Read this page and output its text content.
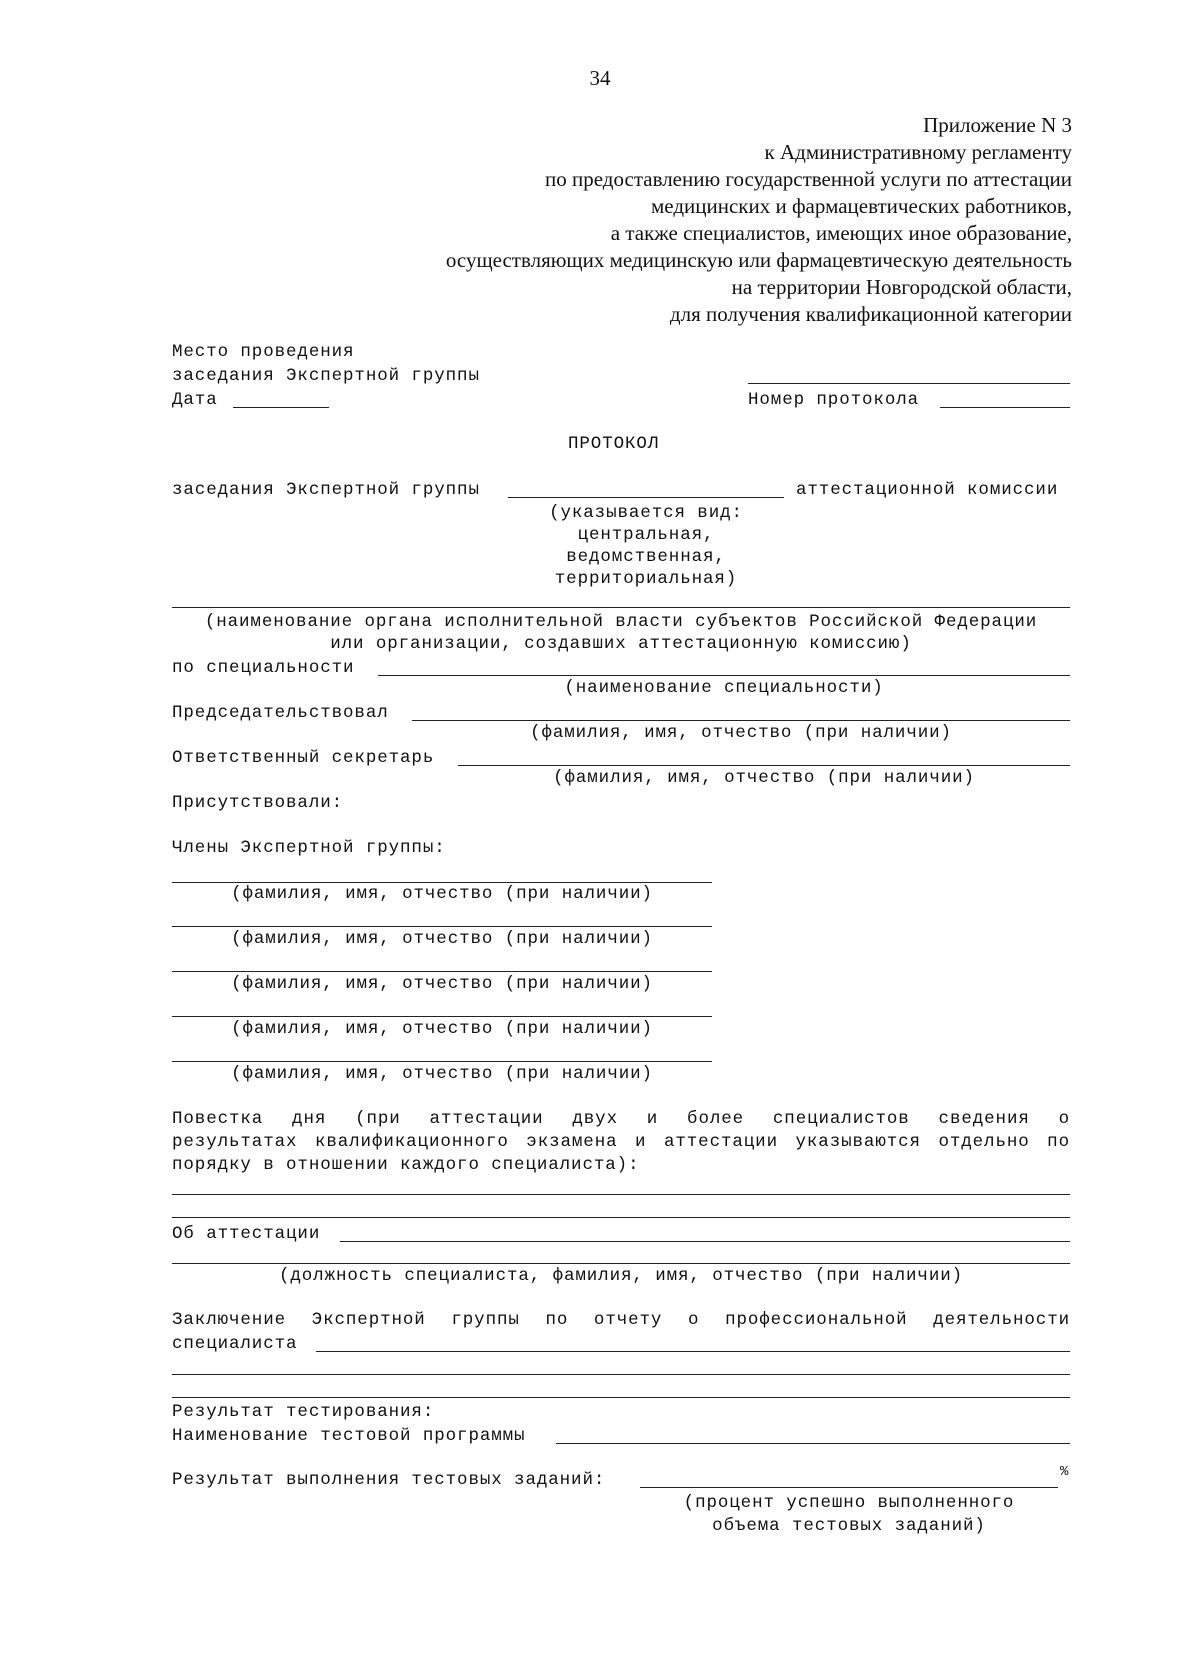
34
Приложение N 3
к Административному регламенту
по предоставлению государственной услуги по аттестации
медицинских и фармацевтических работников,
а также специалистов, имеющих иное образование,
осуществляющих медицинскую или фармацевтическую деятельность
на территории Новгородской области,
для получения квалификационной категории
Место проведения
заседания Экспертной группы
Дата	Номер протокола
ПРОТОКОЛ
заседания Экспертной группы	аттестационной комиссии
(указывается вид:
центральная,
ведомственная,
территориальная)
(наименование органа исполнительной власти субъектов Российской Федерации
или организации, создавших аттестационную комиссию)
по специальности
(наименование специальности)
Председательствовал
(фамилия, имя, отчество (при наличии)
Ответственный секретарь
(фамилия, имя, отчество (при наличии)
Присутствовали:
Члены Экспертной группы:
(фамилия, имя, отчество (при наличии)
(фамилия, имя, отчество (при наличии)
(фамилия, имя, отчество (при наличии)
(фамилия, имя, отчество (при наличии)
(фамилия, имя, отчество (при наличии)
Повестка дня (при аттестации двух и более специалистов сведения о
результатах квалификационного экзамена и аттестации указываются отдельно по
порядку в отношении каждого специалиста):
Об аттестации
(должность специалиста, фамилия, имя, отчество (при наличии)
Заключение Экспертной группы по отчету о профессиональной деятельности
специалиста
Результат тестирования:
Наименование тестовой программы
Результат выполнения тестовых заданий:	%
(процент успешно выполненного
объема тестовых заданий)
